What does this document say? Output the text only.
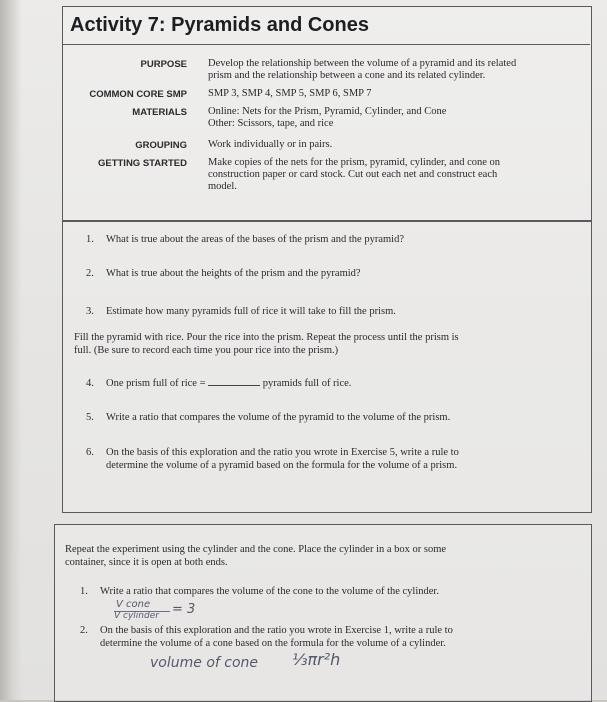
Activity 7: Pyramids and Cones
PURPOSE Develop the relationship between the volume of a pyramid and its related
prism and the relationship between a cone and its related cylinder.
COMMON CORE SMP SMP 3, SMP 4, SMP 5, SMP 6, SMP 7
MATERIALS Online: Nets for the Prism, Pyramid, Cylinder, and Cone
Other: Scissors, tape, and rice
GROUPING Work individually or in pairs.
GETTING STARTED Make copies of the nets for the prism, pyramid, cylinder, and cone on
construction paper or card stock. Cut out each net and construct each
model.
1. What is true about the areas of the bases of the prism and the pyramid?
2. What is true about the heights of the prism and the pyramid?
3. Estimate how many pyramids full of rice it will take to fill the prism.
Fill the pyramid with rice. Pour the rice into the prism. Repeat the process until the prism is
full. (Be sure to record each time you pour rice into the prism.)
4. One prism full of rice =	pyramids full of rice.
5. Write a ratio that compares the volume of the pyramid to the volume of the prism.
6. On the basis of this exploration and the ratio you wrote in Exercise 5, write a rule to
determine the volume of a pyramid based on the formula for the volume of a prism.
Repeat the experiment using the cylinder and the cone. Place the cylinder in a box or some
container, since it is open at both ends.
1. Write a ratio that compares the volume of the cone to the volume of the cylinder.
2. On the basis of this exploration and the ratio you wrote in Exercise 1, write a rule to
determine the volume of a cone based on the formula for the volume of a cylinder.
V cone
V cylinder = 3
volume of cone ⅓πr²h
